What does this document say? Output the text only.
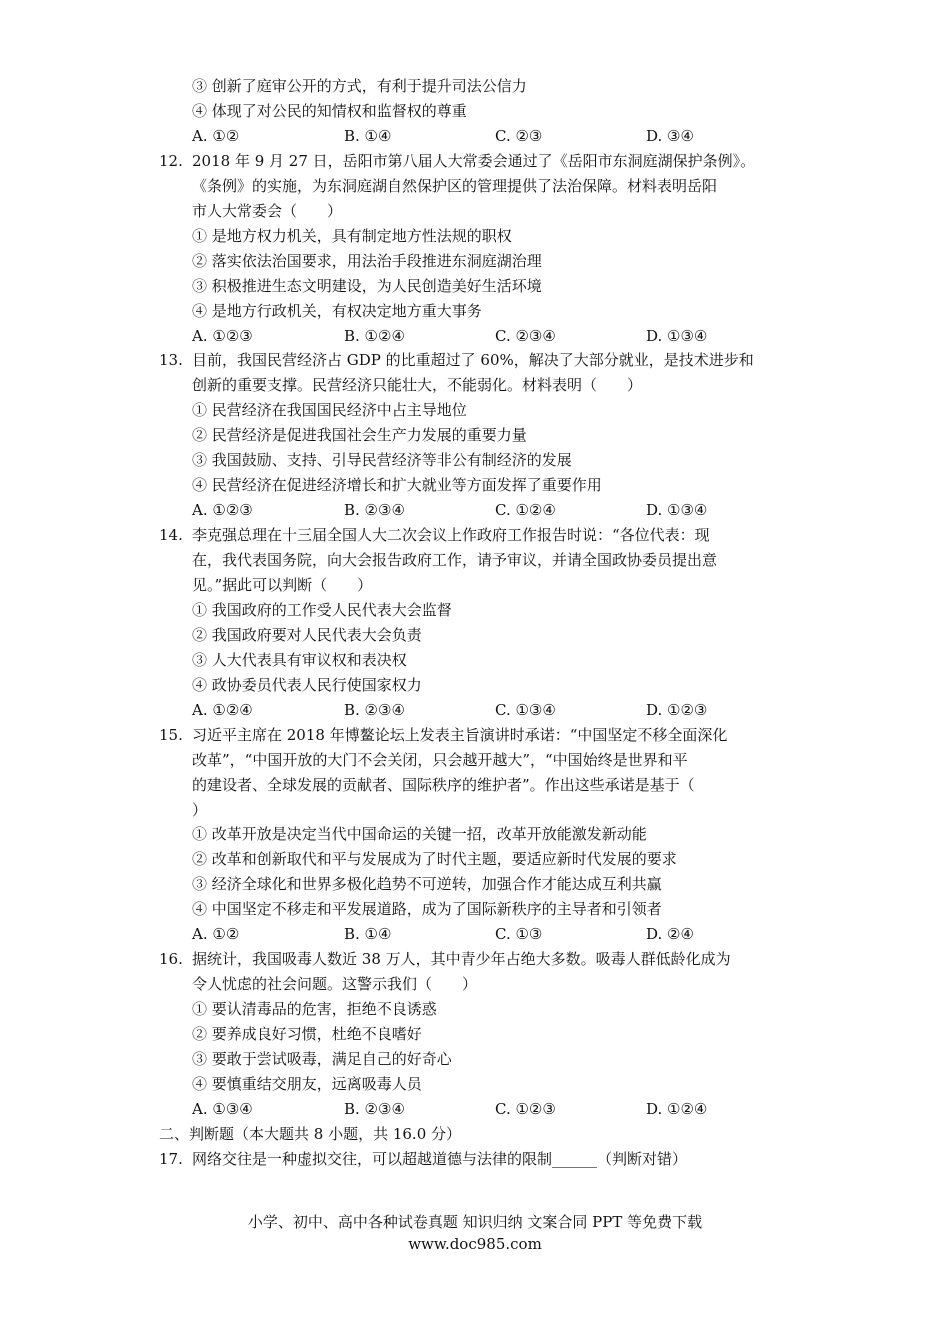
③ 创新了庭审公开的方式，有利于提升司法公信力
④ 体现了对公民的知情权和监督权的尊重
A. ①②	B. ①④	C. ②③	D. ③④
12. 2018 年 9 月 27 日，岳阳市第八届人大常委会通过了《岳阳市东洞庭湖保护条例》。
《条例》的实施，为东洞庭湖自然保护区的管理提供了法治保障。材料表明岳阳
市人大常委会（　　）
① 是地方权力机关，具有制定地方性法规的职权
② 落实依法治国要求，用法治手段推进东洞庭湖治理
③ 积极推进生态文明建设，为人民创造美好生活环境
④ 是地方行政机关，有权决定地方重大事务
A. ①②③	B. ①②④	C. ②③④	D. ①③④
13. 目前，我国民营经济占 GDP 的比重超过了 60%，解决了大部分就业，是技术进步和
创新的重要支撑。民营经济只能壮大，不能弱化。材料表明（　　）
① 民营经济在我国国民经济中占主导地位
② 民营经济是促进我国社会生产力发展的重要力量
③ 我国鼓励、支持、引导民营经济等非公有制经济的发展
④ 民营经济在促进经济增长和扩大就业等方面发挥了重要作用
A. ①②③	B. ②③④	C. ①②④	D. ①③④
14. 李克强总理在十三届全国人大二次会议上作政府工作报告时说：“各位代表：现
在，我代表国务院，向大会报告政府工作，请予审议，并请全国政协委员提出意
见。”据此可以判断（　　）
① 我国政府的工作受人民代表大会监督
② 我国政府要对人民代表大会负责
③ 人大代表具有审议权和表决权
④ 政协委员代表人民行使国家权力
A. ①②④	B. ②③④	C. ①③④	D. ①②③
15. 习近平主席在 2018 年博鳌论坛上发表主旨演讲时承诺：“中国坚定不移全面深化
改革”，“中国开放的大门不会关闭，只会越开越大”，“中国始终是世界和平
的建设者、全球发展的贡献者、国际秩序的维护者”。作出这些承诺是基于（
）
① 改革开放是决定当代中国命运的关键一招，改革开放能激发新动能
② 改革和创新取代和平与发展成为了时代主题，要适应新时代发展的要求
③ 经济全球化和世界多极化趋势不可逆转，加强合作才能达成互利共赢
④ 中国坚定不移走和平发展道路，成为了国际新秩序的主导者和引领者
A. ①②	B. ①④	C. ①③	D. ②④
16. 据统计，我国吸毒人数近 38 万人，其中青少年占绝大多数。吸毒人群低龄化成为
令人忧虑的社会问题。这警示我们（　　）
① 要认清毒品的危害，拒绝不良诱惑
② 要养成良好习惯，杜绝不良嗜好
③ 要敢于尝试吸毒，满足自己的好奇心
④ 要慎重结交朋友，远离吸毒人员
A. ①③④	B. ②③④	C. ①②③	D. ①②④
二、判断题（本大题共 8 小题，共 16.0 分）
17. 网络交往是一种虚拟交往，可以超越道德与法律的限制______（判断对错）
小学、初中、高中各种试卷真题 知识归纳 文案合同 PPT 等免费下载
www.doc985.com
